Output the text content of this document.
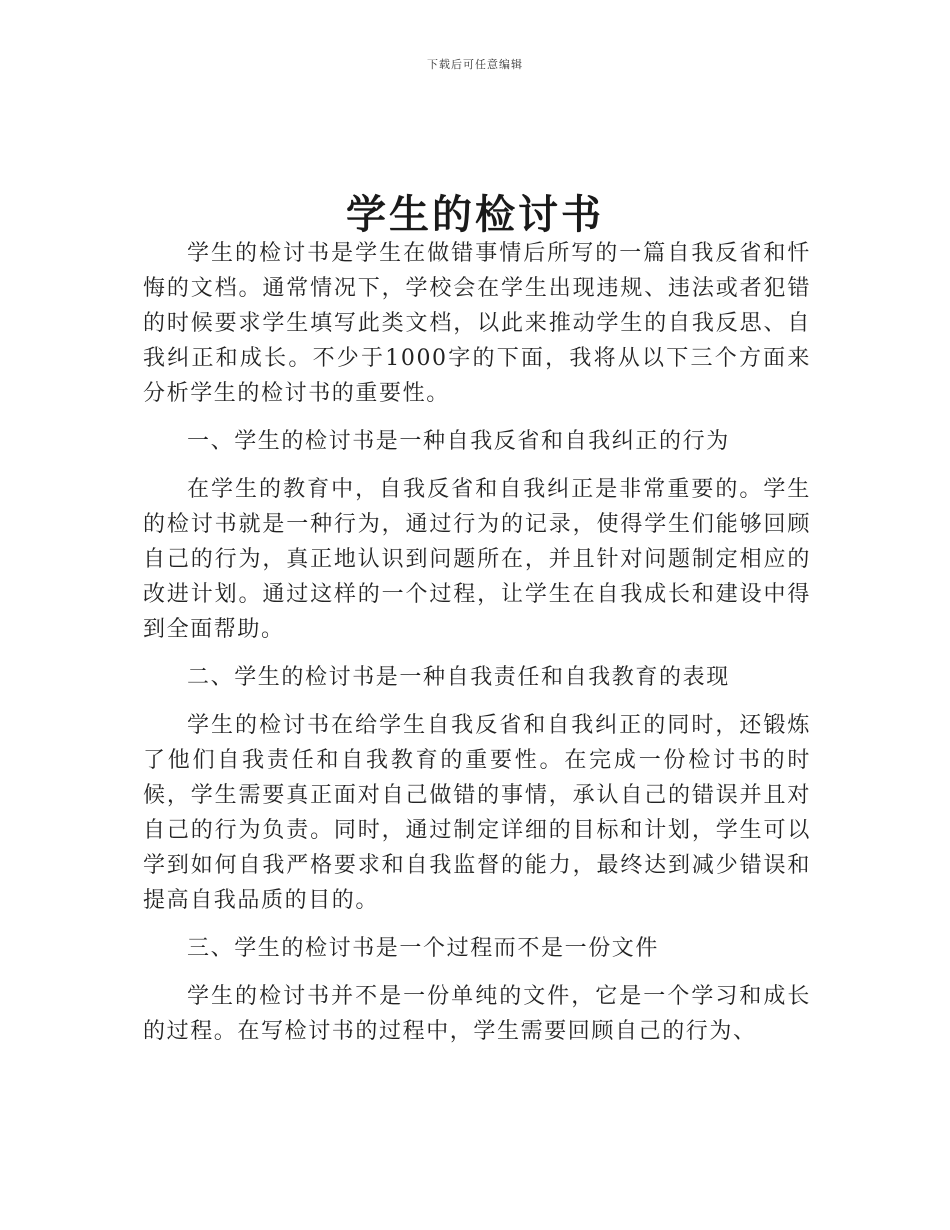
下载后可任意编辑
学生的检讨书

学生的检讨书是学生在做错事情后所写的一篇自我反省和忏悔的文档。通常情况下，学校会在学生出现违规、违法或者犯错的时候要求学生填写此类文档，以此来推动学生的自我反思、自我纠正和成长。不少于1000字的下面，我将从以下三个方面来分析学生的检讨书的重要性。

一、学生的检讨书是一种自我反省和自我纠正的行为

在学生的教育中，自我反省和自我纠正是非常重要的。学生的检讨书就是一种行为，通过行为的记录，使得学生们能够回顾自己的行为，真正地认识到问题所在，并且针对问题制定相应的改进计划。通过这样的一个过程，让学生在自我成长和建设中得到全面帮助。

二、学生的检讨书是一种自我责任和自我教育的表现

学生的检讨书在给学生自我反省和自我纠正的同时，还锻炼了他们自我责任和自我教育的重要性。在完成一份检讨书的时候，学生需要真正面对自己做错的事情，承认自己的错误并且对自己的行为负责。同时，通过制定详细的目标和计划，学生可以学到如何自我严格要求和自我监督的能力，最终达到减少错误和提高自我品质的目的。

三、学生的检讨书是一个过程而不是一份文件

学生的检讨书并不是一份单纯的文件，它是一个学习和成长的过程。在写检讨书的过程中，学生需要回顾自己的行为、
